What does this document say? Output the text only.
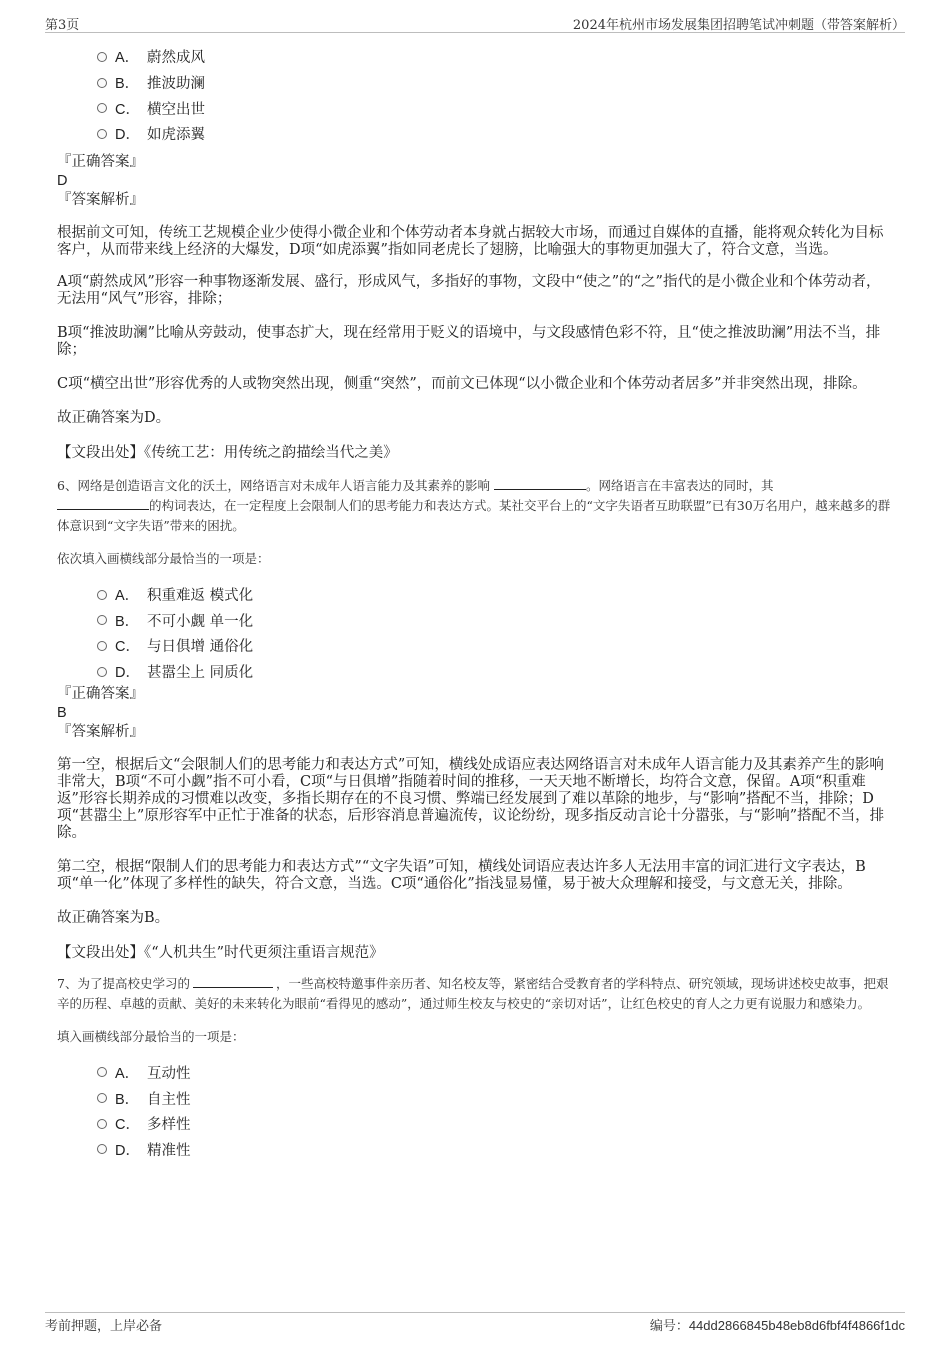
第3页	2024年杭州市场发展集团招聘笔试冲刺题（带答案解析）
A． 蔚然成风
B． 推波助澜
C． 横空出世
D． 如虎添翼
『正确答案』
D
『答案解析』

根据前文可知，传统工艺规模企业少使得小微企业和个体劳动者本身就占据较大市场，而通过自媒体的直播，能将观众转化为目标客户，从而带来线上经济的大爆发，D项“如虎添翼”指如同老虎长了翅膀，比喻强大的事物更加强大了，符合文意，当选。

A项“蔚然成风”形容一种事物逐渐发展、盛行，形成风气，多指好的事物，文段中“使之”的“之”指代的是小微企业和个体劳动者，无法用“风气”形容，排除；

B项“推波助澜”比喻从旁鼓动，使事态扩大，现在经常用于贬义的语境中，与文段感情色彩不符，且“使之推波助澜”用法不当，排除；

C项“横空出世”形容优秀的人或物突然出现，侧重“突然”，而前文已体现“以小微企业和个体劳动者居多”并非突然出现，排除。

故正确答案为D。

【文段出处】《传统工艺：用传统之韵描绘当代之美》
6、网络是创造语言文化的沃土，网络语言对未成年人语言能力及其素养的影响	。网络语言在丰富表达的同时，其
的构词表达，在一定程度上会限制人们的思考能力和表达方式。某社交平台上的“文字失语者互助联盟”已有30万名用户，越来越多的群体意识到“文字失语”带来的困扰。
依次填入画横线部分最恰当的一项是：
A． 积重难返 模式化
B． 不可小觑 单一化
C． 与日俱增 通俗化
D． 甚嚣尘上 同质化
『正确答案』
B
『答案解析』

第一空，根据后文“会限制人们的思考能力和表达方式”可知，横线处成语应表达网络语言对未成年人语言能力及其素养产生的影响非常大，B项“不可小觑”指不可小看，C项“与日俱增”指随着时间的推移，一天天地不断增长，均符合文意，保留。A项“积重难返”形容长期养成的习惯难以改变，多指长期存在的不良习惯、弊端已经发展到了难以革除的地步，与“影响”搭配不当，排除；D项“甚嚣尘上”原形容军中正忙于准备的状态，后形容消息普遍流传，议论纷纷，现多指反动言论十分嚣张，与“影响”搭配不当，排除。

第二空，根据“限制人们的思考能力和表达方式”“文字失语”可知，横线处词语应表达许多人无法用丰富的词汇进行文字表达，B项“单一化”体现了多样性的缺失，符合文意，当选。C项“通俗化”指浅显易懂，易于被大众理解和接受，与文意无关，排除。

故正确答案为B。

【文段出处】《“人机共生”时代更须注重语言规范》
7、为了提高校史学习的	，一些高校特邀事件亲历者、知名校友等，紧密结合受教育者的学科特点、研究领域，现场讲述校史故事，把艰辛的历程、卓越的贡献、美好的未来转化为眼前“看得见的感动”，通过师生校友与校史的“亲切对话”，让红色校史的育人之力更有说服力和感染力。
填入画横线部分最恰当的一项是：
A． 互动性
B． 自主性
C． 多样性
D． 精准性
考前押题，上岸必备	编号：44dd2866845b48eb8d6fbf4f4866f1dc
